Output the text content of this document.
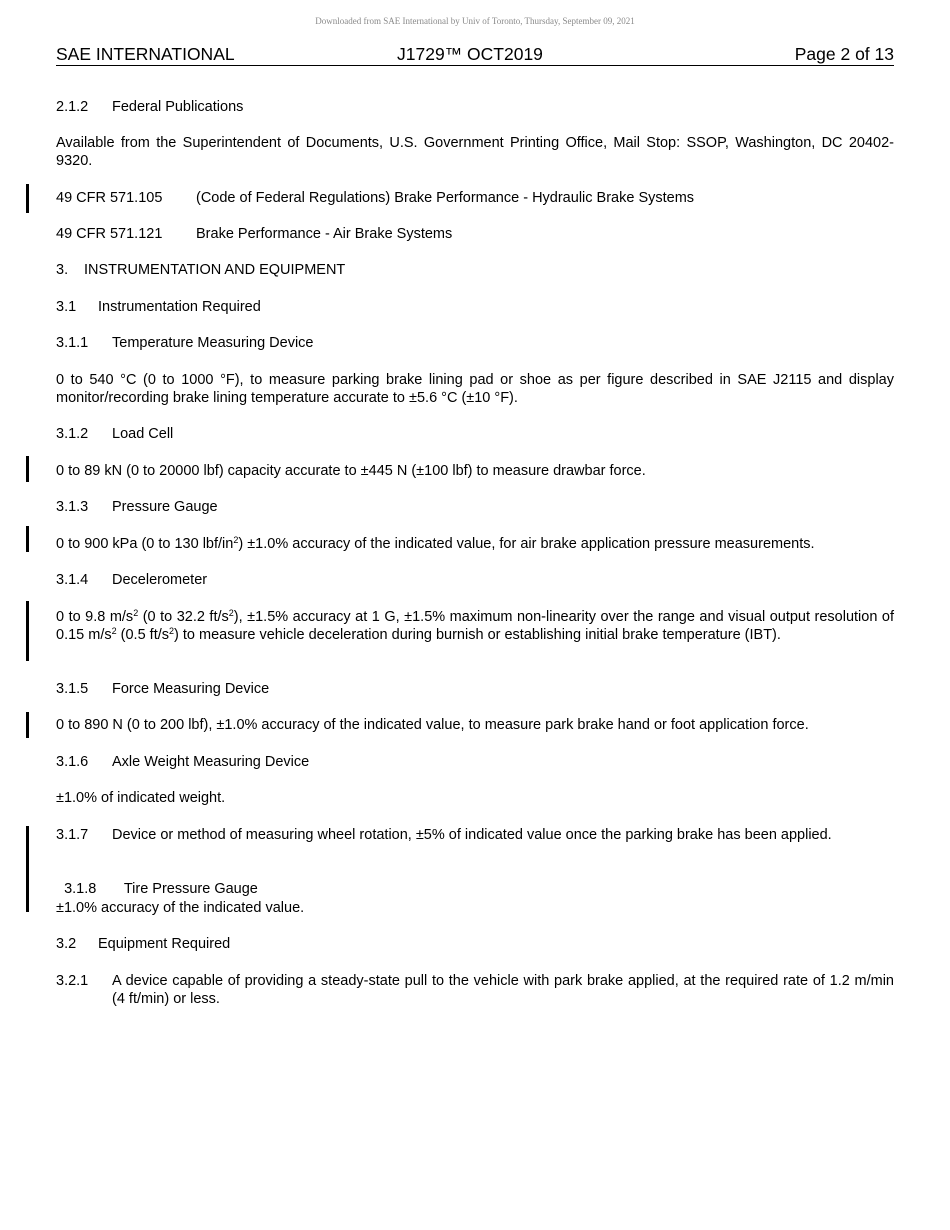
Downloaded from SAE International by Univ of Toronto, Thursday, September 09, 2021
SAE INTERNATIONAL	J1729™ OCT2019	Page 2 of 13
2.1.2 Federal Publications
Available from the Superintendent of Documents, U.S. Government Printing Office, Mail Stop: SSOP, Washington, DC 20402-9320.
49 CFR 571.105 (Code of Federal Regulations) Brake Performance - Hydraulic Brake Systems
49 CFR 571.121 Brake Performance - Air Brake Systems
3. INSTRUMENTATION AND EQUIPMENT
3.1 Instrumentation Required
3.1.1 Temperature Measuring Device
0 to 540 °C (0 to 1000 °F), to measure parking brake lining pad or shoe as per figure described in SAE J2115 and display monitor/recording brake lining temperature accurate to ±5.6 °C (±10 °F).
3.1.2 Load Cell
0 to 89 kN (0 to 20000 lbf) capacity accurate to ±445 N (±100 lbf) to measure drawbar force.
3.1.3 Pressure Gauge
0 to 900 kPa (0 to 130 lbf/$in^2) \pm 1.0\%$ accuracy of the indicated value, for air brake application pressure measurements.
3.1.4 Decelerometer
0 to 9.8 $m/s^2$ (0 to 32.2 $ft/s^2$), ±1.5% accuracy at 1 G, ±1.5% maximum non-linearity over the range and visual output resolution of 0.15 $m/s^2$ (0.5 $ft/s^2$) to measure vehicle deceleration during burnish or establishing initial brake temperature (IBT).
3.1.5 Force Measuring Device
0 to 890 N (0 to 200 lbf), ±1.0% accuracy of the indicated value, to measure park brake hand or foot application force.
3.1.6 Axle Weight Measuring Device
±1.0% of indicated weight.
3.1.7 Device or method of measuring wheel rotation, ±5% of indicated value once the parking brake has been applied.

3.1.8 Tire Pressure Gauge

±1.0% accuracy of the indicated value.
3.2 Equipment Required
3.2.1	A device capable of providing a steady-state pull to the vehicle with park brake applied, at the required rate of 1.2 m/min (4 ft/min) or less.
